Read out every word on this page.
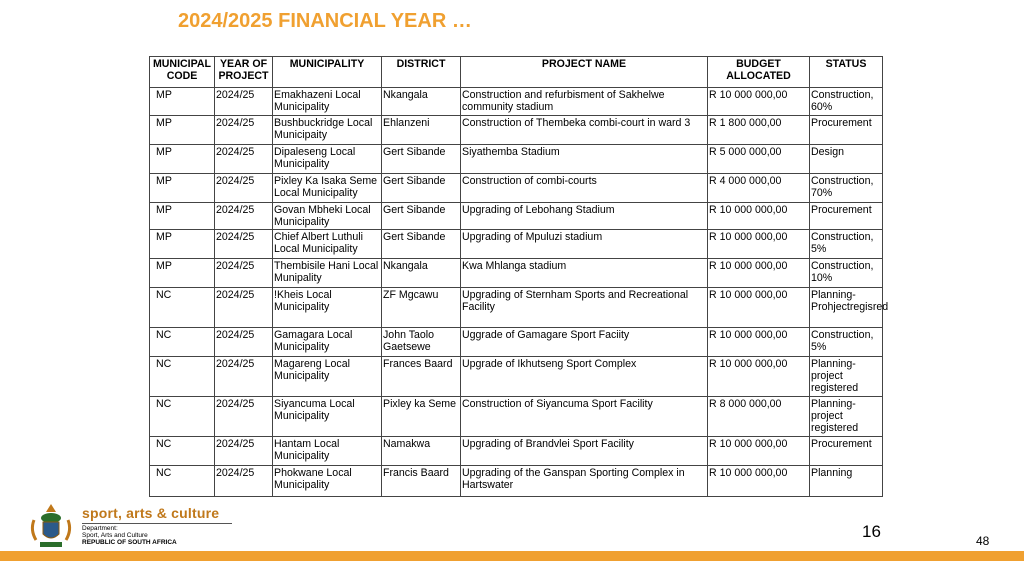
2024/2025 FINANCIAL YEAR …
MUNICIPAL CODE	YEAR OF PROJECT	MUNICIPALITY	DISTRICT	PROJECT NAME	BUDGET ALLOCATED	STATUS
MP	2024/25	Emakhazeni Local Municipality	Nkangala	Construction and refurbisment of Sakhelwe community stadium	R 10 000 000,00	Construction, 60%
MP	2024/25	Bushbuckridge Local Municipaity	Ehlanzeni	Construction of Thembeka combi-court in ward 3	R 1 800 000,00	Procurement
MP	2024/25	Dipaleseng Local Municipality	Gert Sibande	Siyathemba Stadium	R 5 000 000,00	Design
MP	2024/25	Pixley Ka Isaka Seme Local Municipality	Gert Sibande	Construction of combi-courts	R 4 000 000,00	Construction, 70%
MP	2024/25	Govan Mbheki Local Municipality	Gert Sibande	Upgrading of Lebohang Stadium	R 10 000 000,00	Procurement
MP	2024/25	Chief Albert Luthuli Local Municipality	Gert Sibande	Upgrading of Mpuluzi stadium	R 10 000 000,00	Construction, 5%
MP	2024/25	Thembisile Hani Local Munipality	Nkangala	Kwa Mhlanga stadium	R 10 000 000,00	Construction, 10%
NC	2024/25	!Kheis Local Municipality	ZF Mgcawu	Upgrading of Sternham Sports and Recreational Facility	R 10 000 000,00	Planning-Prohjectregisred
NC	2024/25	Gamagara Local Municipality	John Taolo Gaetsewe	Uggrade of Gamagare Sport Faciity	R 10 000 000,00	Construction, 5%
NC	2024/25	Magareng Local Municipality	Frances Baard	Upgrade of Ikhutseng Sport Complex	R 10 000 000,00	Planning-project registered
NC	2024/25	Siyancuma Local Municipality	Pixley ka Seme	Construction of Siyancuma Sport Facility	R 8 000 000,00	Planning-project registered
NC	2024/25	Hantam Local Municipality	Namakwa	Upgrading of Brandvlei Sport Facility	R 10 000 000,00	Procurement
NC	2024/25	Phokwane Local Municipality	Francis Baard	Upgrading of the Ganspan Sporting Complex in Hartswater	R 10 000 000,00	Planning
sport, arts & culture
Department:
Sport, Arts and Culture
REPUBLIC OF SOUTH AFRICA
16	48
